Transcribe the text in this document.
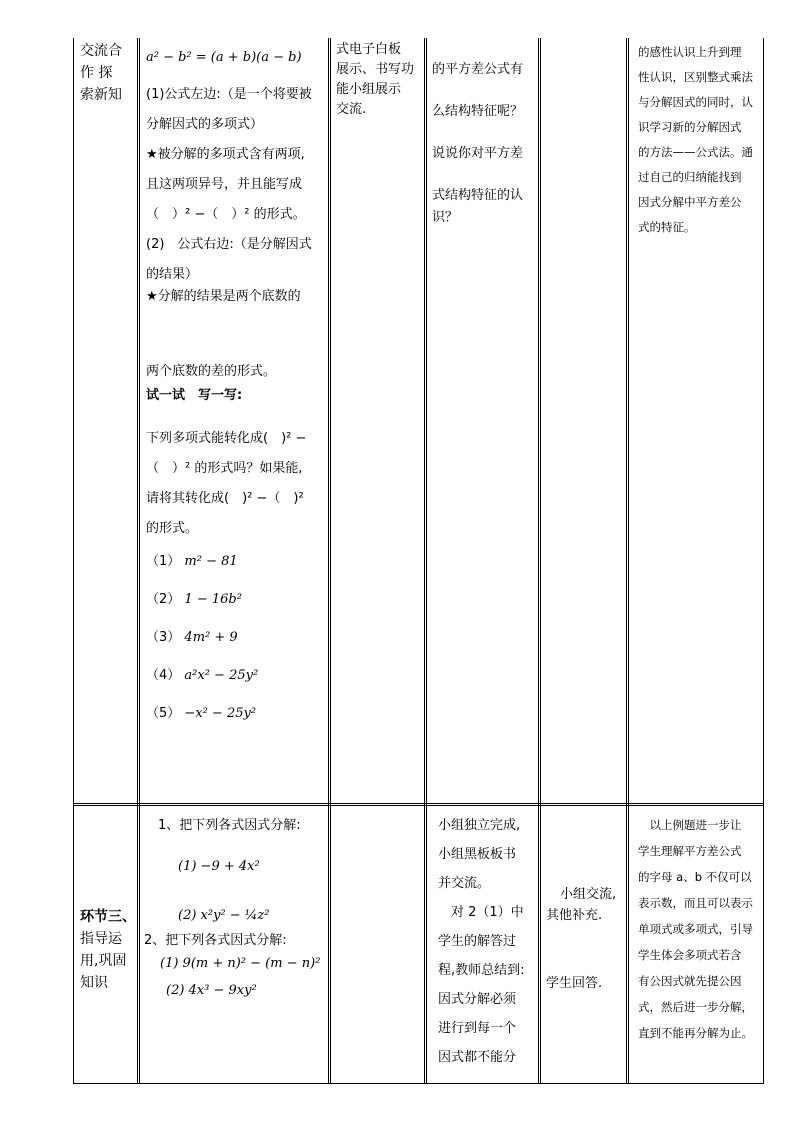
交流合

作 探

索新知

a² − b² = (a + b)(a − b)

(1)公式左边:（是一个将要被

分解因式的多项式）

★被分解的多项式含有两项,

且这两项异号，并且能写成

（　）² −（　）² 的形式。

(2)　公式右边:（是分解因式

的结果）

★分解的结果是两个底数的

两个底数的差的形式。

试一试　写一写:

下列多项式能转化成(　)² −

（　）² 的形式吗？如果能,

请将其转化成(　)² −（　)²

的形式。

（1） m² − 81

（2） 1 − 16b²

（3） 4m² + 9

（4） a²x² − 25y²

（5） −x² − 25y²

式电子白板

展示、书写功

能小组展示

交流.

的平方差公式有

么结构特征呢？

说说你对平方差

式结构特征的认

识？

的感性认识上升到理

性认识，区别整式乘法

与分解因式的同时，认

识学习新的分解因式

的方法——公式法。通

过自己的归纳能找到

因式分解中平方差公

式的特征。

环节三、

指导运

用,巩固

知识

1、把下列各式因式分解:

(1) −9 + 4x²

(2) x²y² − ¼z²

2、把下列各式因式分解:

(1) 9(m + n)² − (m − n)²

(2) 4x³ − 9xy²

小组独立完成,

小组黑板板书

并交流。

　对 2（1）中

学生的解答过

程,教师总结到:

因式分解必须

进行到每一个

因式都不能分

小组交流,

其他补充.

学生回答.

　以上例题进一步让

学生理解平方差公式

的字母 a、b 不仅可以

表示数，而且可以表示

单项式或多项式，引导

学生体会多项式若含

有公因式就先提公因

式，然后进一步分解，

直到不能再分解为止。
